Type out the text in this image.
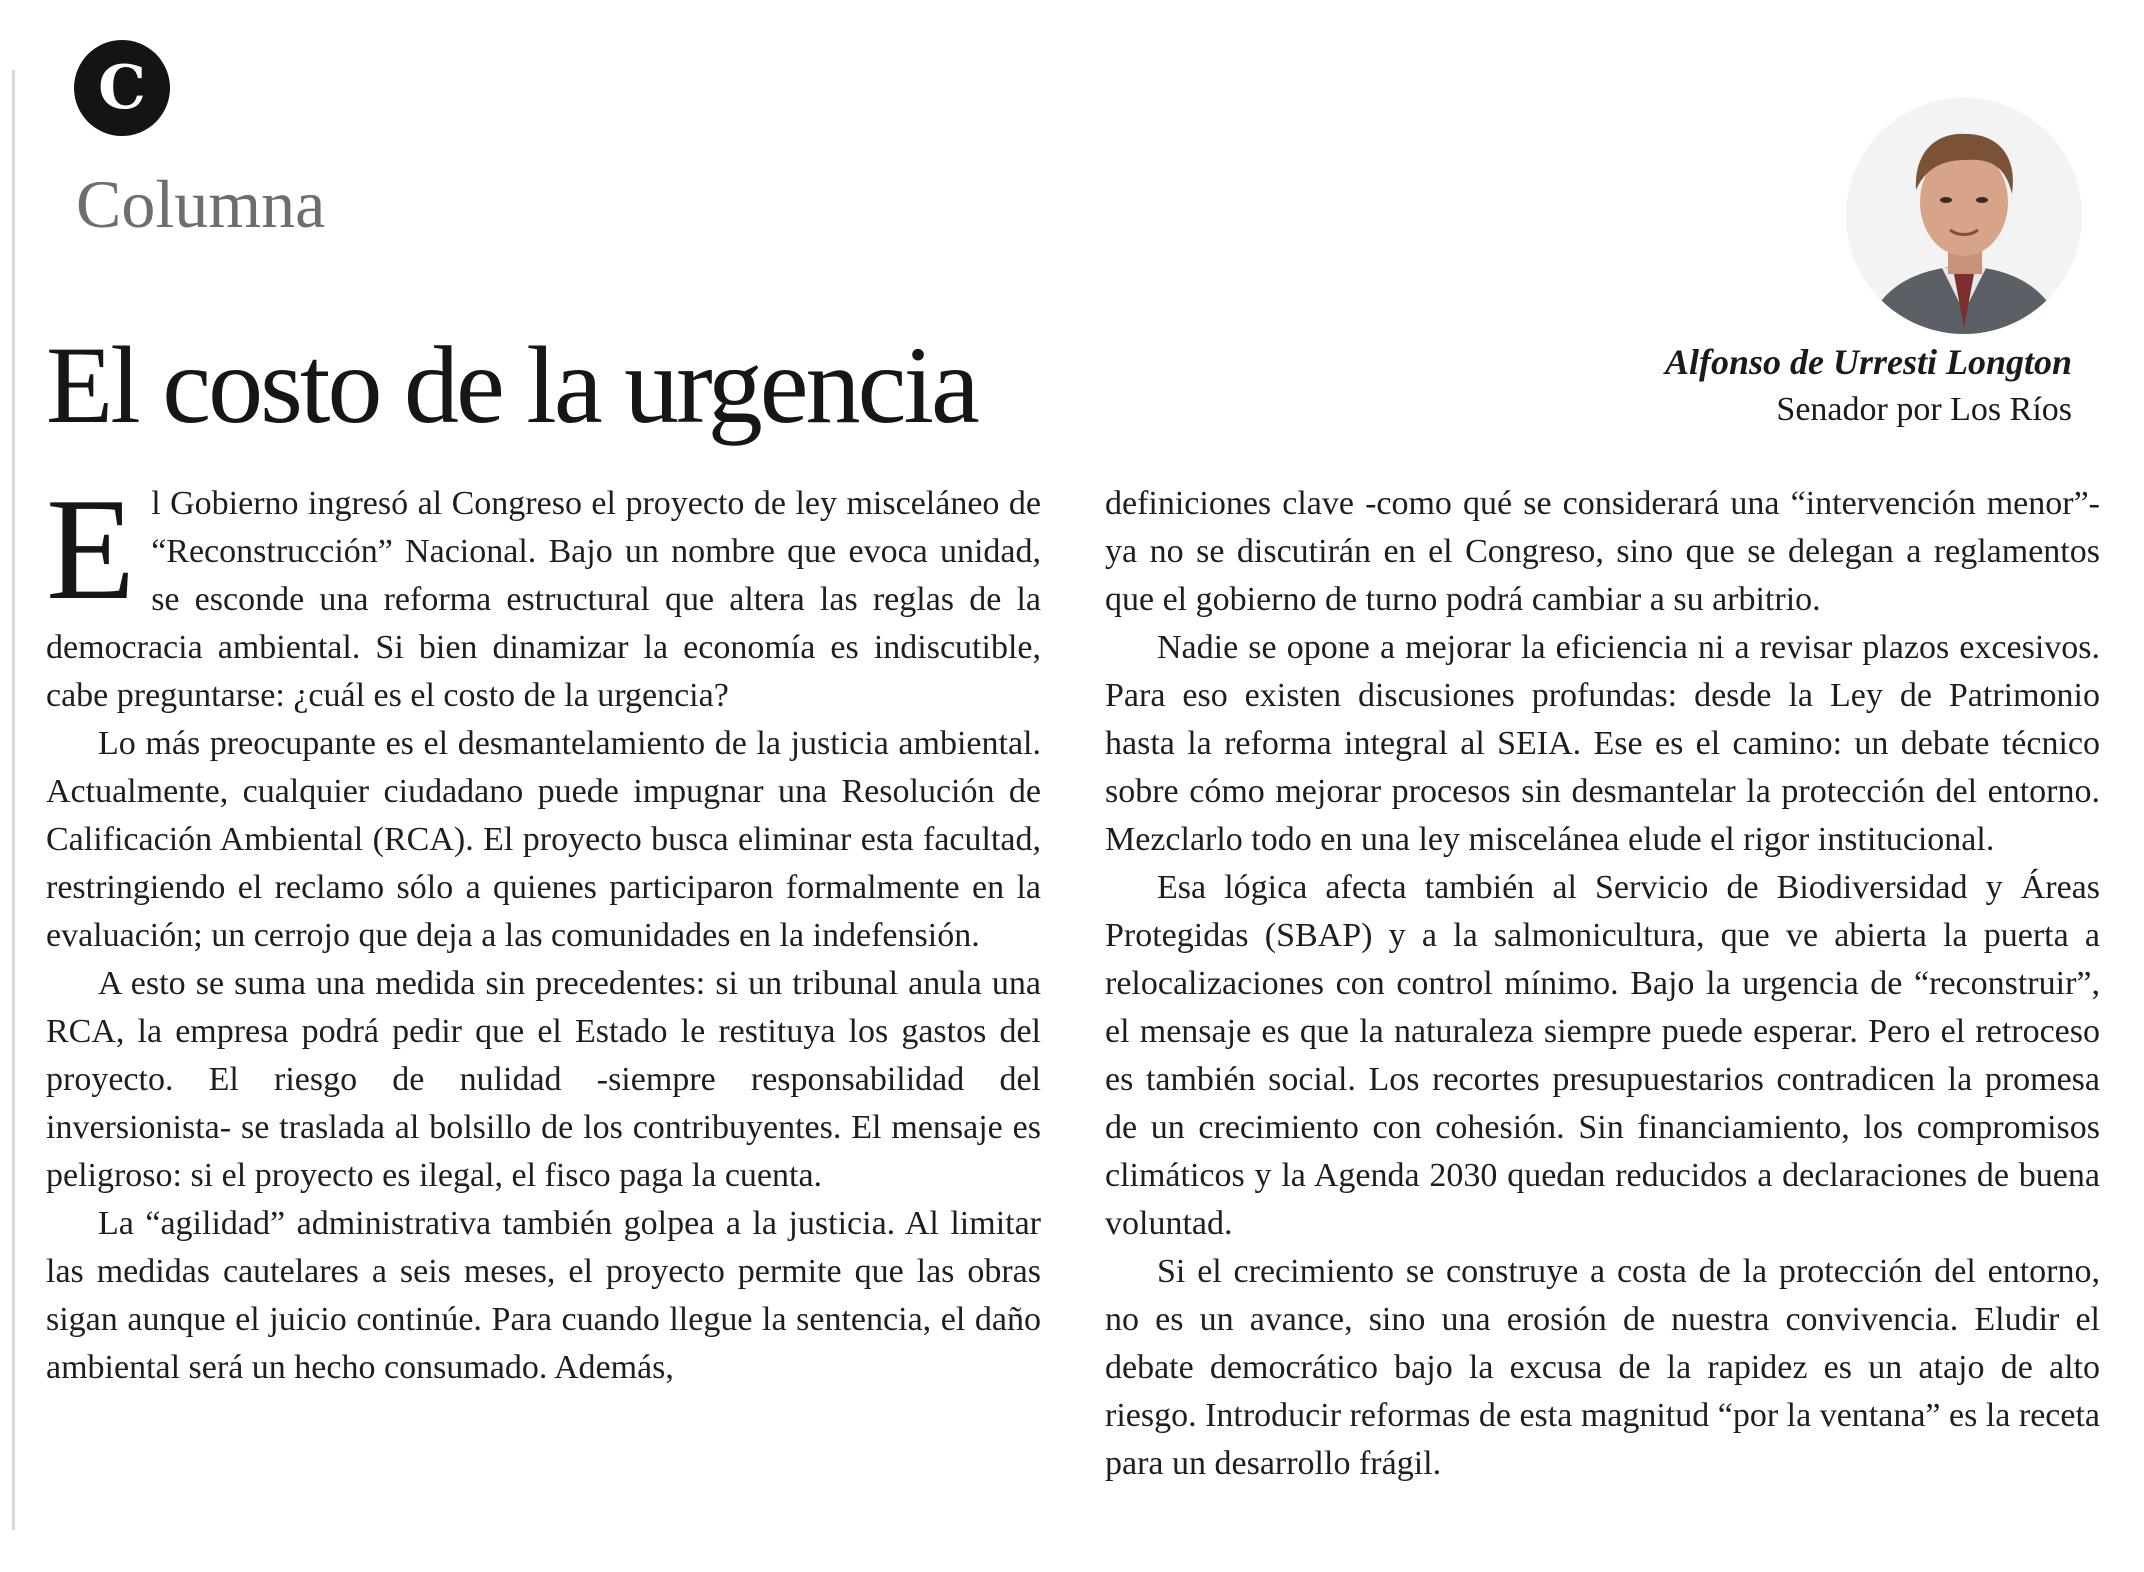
C
Columna
El costo de la urgencia	Alfonso de Urresti Longton
Senador por Los Ríos

El Gobierno ingresó al Congreso el proyecto de ley misceláneo de “Reconstrucción” Nacional. Bajo un nombre que evoca unidad, se esconde una reforma estructural que altera las reglas de la democracia ambiental. Si bien dinamizar la economía es indiscutible, cabe preguntarse: ¿cuál es el costo de la urgencia?

Lo más preocupante es el desmantelamiento de la justicia ambiental. Actualmente, cualquier ciudadano puede impugnar una Resolución de Calificación Ambiental (RCA). El proyecto busca eliminar esta facultad, restringiendo el reclamo sólo a quienes participaron formalmente en la evaluación; un cerrojo que deja a las comunidades en la indefensión.

A esto se suma una medida sin precedentes: si un tribunal anula una RCA, la empresa podrá pedir que el Estado le restituya los gastos del proyecto. El riesgo de nulidad -siempre responsabilidad del inversionista- se traslada al bolsillo de los contribuyentes. El mensaje es peligroso: si el proyecto es ilegal, el fisco paga la cuenta.

La “agilidad” administrativa también golpea a la justicia. Al limitar las medidas cautelares a seis meses, el proyecto permite que las obras sigan aunque el juicio continúe. Para cuando llegue la sentencia, el daño ambiental será un hecho consumado. Además,

definiciones clave -como qué se considerará una “intervención menor”- ya no se discutirán en el Congreso, sino que se delegan a reglamentos que el gobierno de turno podrá cambiar a su arbitrio.

Nadie se opone a mejorar la eficiencia ni a revisar plazos excesivos. Para eso existen discusiones profundas: desde la Ley de Patrimonio hasta la reforma integral al SEIA. Ese es el camino: un debate técnico sobre cómo mejorar procesos sin desmantelar la protección del entorno. Mezclarlo todo en una ley miscelánea elude el rigor institucional.

Esa lógica afecta también al Servicio de Biodiversidad y Áreas Protegidas (SBAP) y a la salmonicultura, que ve abierta la puerta a relocalizaciones con control mínimo. Bajo la urgencia de “reconstruir”, el mensaje es que la naturaleza siempre puede esperar. Pero el retroceso es también social. Los recortes presupuestarios contradicen la promesa de un crecimiento con cohesión. Sin financiamiento, los compromisos climáticos y la Agenda 2030 quedan reducidos a declaraciones de buena voluntad.

Si el crecimiento se construye a costa de la protección del entorno, no es un avance, sino una erosión de nuestra convivencia. Eludir el debate democrático bajo la excusa de la rapidez es un atajo de alto riesgo. Introducir reformas de esta magnitud “por la ventana” es la receta para un desarrollo frágil.
